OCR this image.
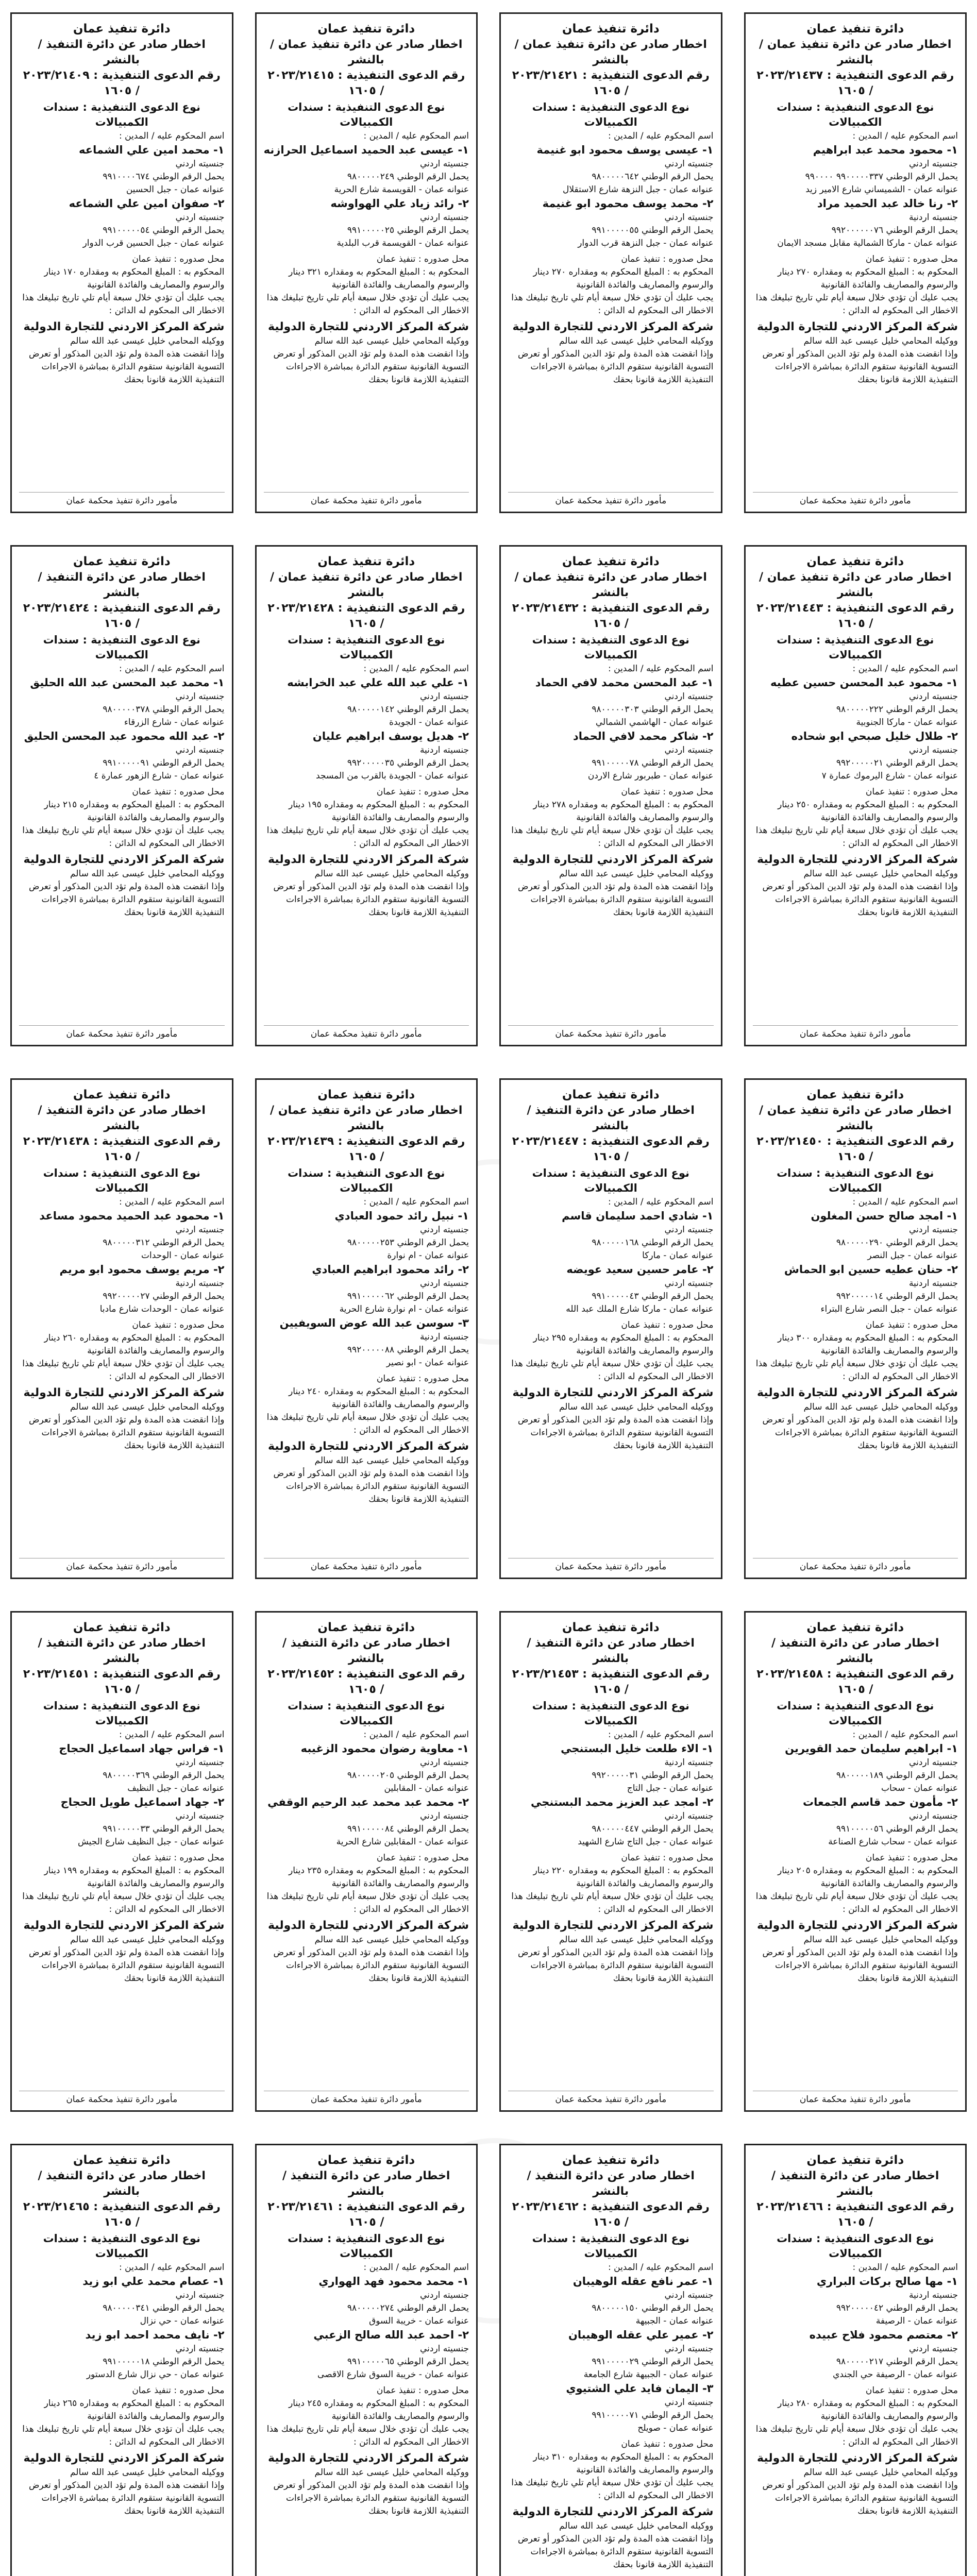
دائرة تنفيذ عمان
اخطار صادر عن دائرة تنفيذ عمان / بالنشر
رقم الدعوى التنفيذية : ٢٠٢٣/٢١٤٣٧ / ١٦٠٥
نوع الدعوى التنفيذية : سندات الكمبيالات
اسم المحكوم عليه / المدين :
١- محمود محمد عبد ابراهيم
جنسيته اردني
يحمل الرقم الوطني ٩٩٠٠٠٠٠٣٣٧ ٩٩٠٠٠٠
عنوانه عمان - الشميساني شارع الامير زيد
٢- رنا خالد عبد الحميد مراد
جنسيته اردنية
يحمل الرقم الوطني ٩٩٢٠٠٠٠٠٠٧٦
عنوانه عمان - ماركا الشمالية مقابل مسجد الايمان
محل صدوره : تنفيذ عمان
المحكوم به : المبلغ المحكوم به ومقداره ٢٧٠ دينار والرسوم والمصاريف والفائدة القانونية
يجب عليك أن تؤدي خلال سبعة أيام تلي تاريخ تبليغك هذا الاخطار الى المحكوم له الدائن :
شركة المركز الاردني للتجارة الدولية
ووكيله المحامي خليل عيسى عبد الله سالم
وإذا انقضت هذه المدة ولم تؤد الدين المذكور أو تعرض التسوية القانونية ستقوم الدائرة بمباشرة الاجراءات التنفيذية اللازمة قانونا بحقك
مأمور دائرة تنفيذ محكمة عمان
دائرة تنفيذ عمان
اخطار صادر عن دائرة تنفيذ عمان / بالنشر
رقم الدعوى التنفيذية : ٢٠٢٣/٢١٤٢١ / ١٦٠٥
نوع الدعوى التنفيذية : سندات الكمبيالات
اسم المحكوم عليه / المدين :
١- عيسى يوسف محمود ابو غنيمة
جنسيته اردني
يحمل الرقم الوطني ٩٨٠٠٠٠٠٦٤٢
عنوانه عمان - جبل النزهة شارع الاستقلال
٢- محمد يوسف محمود ابو غنيمة
جنسيته اردني
يحمل الرقم الوطني ٩٩١٠٠٠٠٠٥٥
عنوانه عمان - جبل النزهة قرب الدوار
محل صدوره : تنفيذ عمان
المحكوم به : المبلغ المحكوم به ومقداره ٢٧٠ دينار والرسوم والمصاريف والفائدة القانونية
يجب عليك أن تؤدي خلال سبعة أيام تلي تاريخ تبليغك هذا الاخطار الى المحكوم له الدائن :
شركة المركز الاردني للتجارة الدولية
ووكيله المحامي خليل عيسى عبد الله سالم
وإذا انقضت هذه المدة ولم تؤد الدين المذكور أو تعرض التسوية القانونية ستقوم الدائرة بمباشرة الاجراءات التنفيذية اللازمة قانونا بحقك
مأمور دائرة تنفيذ محكمة عمان
دائرة تنفيذ عمان
اخطار صادر عن دائرة تنفيذ عمان / بالنشر
رقم الدعوى التنفيذية : ٢٠٢٣/٢١٤١٥ / ١٦٠٥
نوع الدعوى التنفيذية : سندات الكمبيالات
اسم المحكوم عليه / المدين :
١- عيسى عبد الحميد اسماعيل الحرازنه
جنسيته اردني
يحمل الرقم الوطني ٩٨٠٠٠٠٠٢٤٩
عنوانه عمان - القويسمة شارع الحرية
٢- رائد زياد علي الهواوشه
جنسيته اردني
يحمل الرقم الوطني ٩٩١٠٠٠٠٠٢٥
عنوانه عمان - القويسمة قرب البلدية
محل صدوره : تنفيذ عمان
المحكوم به : المبلغ المحكوم به ومقداره ٣٢١ دينار والرسوم والمصاريف والفائدة القانونية
يجب عليك أن تؤدي خلال سبعة أيام تلي تاريخ تبليغك هذا الاخطار الى المحكوم له الدائن :
شركة المركز الاردني للتجارة الدولية
ووكيله المحامي خليل عيسى عبد الله سالم
وإذا انقضت هذه المدة ولم تؤد الدين المذكور أو تعرض التسوية القانونية ستقوم الدائرة بمباشرة الاجراءات التنفيذية اللازمة قانونا بحقك
مأمور دائرة تنفيذ محكمة عمان
دائرة تنفيذ عمان
اخطار صادر عن دائرة التنفيذ / بالنشر
رقم الدعوى التنفيذية : ٢٠٢٣/٢١٤٠٩ / ١٦٠٥
نوع الدعوى التنفيذية : سندات الكمبيالات
اسم المحكوم عليه / المدين :
١- محمد امين علي الشماعه
جنسيته اردني
يحمل الرقم الوطني ٩٩١٠٠٠٠٦٧٤
عنوانه عمان - جبل الحسين
٢- صفوان امين علي الشماعه
جنسيته اردني
يحمل الرقم الوطني ٩٩١٠٠٠٠٠٥٤
عنوانه عمان - جبل الحسين قرب الدوار
محل صدوره : تنفيذ عمان
المحكوم به : المبلغ المحكوم به ومقداره ١٧٠ دينار والرسوم والمصاريف والفائدة القانونية
يجب عليك أن تؤدي خلال سبعة أيام تلي تاريخ تبليغك هذا الاخطار الى المحكوم له الدائن :
شركة المركز الاردني للتجارة الدولية
ووكيله المحامي خليل عيسى عبد الله سالم
وإذا انقضت هذه المدة ولم تؤد الدين المذكور أو تعرض التسوية القانونية ستقوم الدائرة بمباشرة الاجراءات التنفيذية اللازمة قانونا بحقك
مأمور دائرة تنفيذ محكمة عمان
دائرة تنفيذ عمان
اخطار صادر عن دائرة تنفيذ عمان / بالنشر
رقم الدعوى التنفيذية : ٢٠٢٣/٢١٤٤٣ / ١٦٠٥
نوع الدعوى التنفيذية : سندات الكمبيالات
اسم المحكوم عليه / المدين :
١- محمود عبد المحسن حسين عطيه
جنسيته اردني
يحمل الرقم الوطني ٩٨٠٠٠٠٠٢٢٢
عنوانه عمان - ماركا الجنوبية
٢- طلال خليل صبحي ابو شحاده
جنسيته اردني
يحمل الرقم الوطني ٩٩٢٠٠٠٠٠٢١
عنوانه عمان - شارع اليرموك عمارة ٧
محل صدوره : تنفيذ عمان
المحكوم به : المبلغ المحكوم به ومقداره ٢٥٠ دينار والرسوم والمصاريف والفائدة القانونية
يجب عليك أن تؤدي خلال سبعة أيام تلي تاريخ تبليغك هذا الاخطار الى المحكوم له الدائن :
شركة المركز الاردني للتجارة الدولية
ووكيله المحامي خليل عيسى عبد الله سالم
وإذا انقضت هذه المدة ولم تؤد الدين المذكور أو تعرض التسوية القانونية ستقوم الدائرة بمباشرة الاجراءات التنفيذية اللازمة قانونا بحقك
مأمور دائرة تنفيذ محكمة عمان
دائرة تنفيذ عمان
اخطار صادر عن دائرة تنفيذ عمان / بالنشر
رقم الدعوى التنفيذية : ٢٠٢٣/٢١٤٣٢ / ١٦٠٥
نوع الدعوى التنفيذية : سندات الكمبيالات
اسم المحكوم عليه / المدين :
١- عبد المحسن محمد لافي الحماد
جنسيته اردني
يحمل الرقم الوطني ٩٨٠٠٠٠٠٣٠٣
عنوانه عمان - الهاشمي الشمالي
٢- شاكر محمد لافي الحماد
جنسيته اردني
يحمل الرقم الوطني ٩٩١٠٠٠٠٠٧٨
عنوانه عمان - طبربور شارع الاردن
محل صدوره : تنفيذ عمان
المحكوم به : المبلغ المحكوم به ومقداره ٢٧٨ دينار والرسوم والمصاريف والفائدة القانونية
يجب عليك أن تؤدي خلال سبعة أيام تلي تاريخ تبليغك هذا الاخطار الى المحكوم له الدائن :
شركة المركز الاردني للتجارة الدولية
ووكيله المحامي خليل عيسى عبد الله سالم
وإذا انقضت هذه المدة ولم تؤد الدين المذكور أو تعرض التسوية القانونية ستقوم الدائرة بمباشرة الاجراءات التنفيذية اللازمة قانونا بحقك
مأمور دائرة تنفيذ محكمة عمان
دائرة تنفيذ عمان
اخطار صادر عن دائرة تنفيذ عمان / بالنشر
رقم الدعوى التنفيذية : ٢٠٢٣/٢١٤٢٨ / ١٦٠٥
نوع الدعوى التنفيذية : سندات الكمبيالات
اسم المحكوم عليه / المدين :
١- علي عبد الله علي عبد الخرابشه
جنسيته اردني
يحمل الرقم الوطني ٩٨٠٠٠٠٠١٤٢
عنوانه عمان - الجويدة
٢- هديل يوسف ابراهيم عليان
جنسيته اردنية
يحمل الرقم الوطني ٩٩٢٠٠٠٠٠٣٥
عنوانه عمان - الجويدة بالقرب من المسجد
محل صدوره : تنفيذ عمان
المحكوم به : المبلغ المحكوم به ومقداره ١٩٥ دينار والرسوم والمصاريف والفائدة القانونية
يجب عليك أن تؤدي خلال سبعة أيام تلي تاريخ تبليغك هذا الاخطار الى المحكوم له الدائن :
شركة المركز الاردني للتجارة الدولية
ووكيله المحامي خليل عيسى عبد الله سالم
وإذا انقضت هذه المدة ولم تؤد الدين المذكور أو تعرض التسوية القانونية ستقوم الدائرة بمباشرة الاجراءات التنفيذية اللازمة قانونا بحقك
مأمور دائرة تنفيذ محكمة عمان
دائرة تنفيذ عمان
اخطار صادر عن دائرة التنفيذ / بالنشر
رقم الدعوى التنفيذية : ٢٠٢٣/٢١٤٢٤ / ١٦٠٥
نوع الدعوى التنفيذية : سندات الكمبيالات
اسم المحكوم عليه / المدين :
١- محمد عبد المحسن عبد الله الحليق
جنسيته اردني
يحمل الرقم الوطني ٩٨٠٠٠٠٠٣٧٨
عنوانه عمان - شارع الزرقاء
٢- عبد الله محمود عبد المحسن الحليق
جنسيته اردني
يحمل الرقم الوطني ٩٩١٠٠٠٠٠٩١
عنوانه عمان - شارع الزهور عمارة ٤
محل صدوره : تنفيذ عمان
المحكوم به : المبلغ المحكوم به ومقداره ٢١٥ دينار والرسوم والمصاريف والفائدة القانونية
يجب عليك أن تؤدي خلال سبعة أيام تلي تاريخ تبليغك هذا الاخطار الى المحكوم له الدائن :
شركة المركز الاردني للتجارة الدولية
ووكيله المحامي خليل عيسى عبد الله سالم
وإذا انقضت هذه المدة ولم تؤد الدين المذكور أو تعرض التسوية القانونية ستقوم الدائرة بمباشرة الاجراءات التنفيذية اللازمة قانونا بحقك
مأمور دائرة تنفيذ محكمة عمان
دائرة تنفيذ عمان
اخطار صادر عن دائرة تنفيذ عمان / بالنشر
رقم الدعوى التنفيذية : ٢٠٢٣/٢١٤٥٠ / ١٦٠٥
نوع الدعوى التنفيذية : سندات الكمبيالات
اسم المحكوم عليه / المدين :
١- امجد صالح حسن المغلون
جنسيته اردني
يحمل الرقم الوطني ٩٨٠٠٠٠٠٢٩٠
عنوانه عمان - جبل النصر
٢- حنان عطيه حسين ابو الحماش
جنسيته اردنية
يحمل الرقم الوطني ٩٩٢٠٠٠٠٠١٤
عنوانه عمان - جبل النصر شارع البتراء
محل صدوره : تنفيذ عمان
المحكوم به : المبلغ المحكوم به ومقداره ٣٠٠ دينار والرسوم والمصاريف والفائدة القانونية
يجب عليك أن تؤدي خلال سبعة أيام تلي تاريخ تبليغك هذا الاخطار الى المحكوم له الدائن :
شركة المركز الاردني للتجارة الدولية
ووكيله المحامي خليل عيسى عبد الله سالم
وإذا انقضت هذه المدة ولم تؤد الدين المذكور أو تعرض التسوية القانونية ستقوم الدائرة بمباشرة الاجراءات التنفيذية اللازمة قانونا بحقك
مأمور دائرة تنفيذ محكمة عمان
دائرة تنفيذ عمان
اخطار صادر عن دائرة التنفيذ / بالنشر
رقم الدعوى التنفيذية : ٢٠٢٣/٢١٤٤٧ / ١٦٠٥
نوع الدعوى التنفيذية : سندات الكمبيالات
اسم المحكوم عليه / المدين :
١- شادي احمد سليمان قاسم
جنسيته اردني
يحمل الرقم الوطني ٩٨٠٠٠٠٠١٦٨
عنوانه عمان - ماركا
٢- عامر حسين سعيد عويضه
جنسيته اردني
يحمل الرقم الوطني ٩٩١٠٠٠٠٠٤٣
عنوانه عمان - ماركا شارع الملك عبد الله
محل صدوره : تنفيذ عمان
المحكوم به : المبلغ المحكوم به ومقداره ٢٩٥ دينار والرسوم والمصاريف والفائدة القانونية
يجب عليك أن تؤدي خلال سبعة أيام تلي تاريخ تبليغك هذا الاخطار الى المحكوم له الدائن :
شركة المركز الاردني للتجارة الدولية
ووكيله المحامي خليل عيسى عبد الله سالم
وإذا انقضت هذه المدة ولم تؤد الدين المذكور أو تعرض التسوية القانونية ستقوم الدائرة بمباشرة الاجراءات التنفيذية اللازمة قانونا بحقك
مأمور دائرة تنفيذ محكمة عمان
دائرة تنفيذ عمان
اخطار صادر عن دائرة تنفيذ عمان / بالنشر
رقم الدعوى التنفيذية : ٢٠٢٣/٢١٤٣٩ / ١٦٠٥
نوع الدعوى التنفيذية : سندات الكمبيالات
اسم المحكوم عليه / المدين :
١- نبيل رائد حمود العبادي
جنسيته اردني
يحمل الرقم الوطني ٩٨٠٠٠٠٠٢٥٣
عنوانه عمان - ام نوارة
٢- رائد محمود ابراهيم العبادي
جنسيته اردني
يحمل الرقم الوطني ٩٩١٠٠٠٠٠٦٢
عنوانه عمان - ام نوارة شارع الحرية
٣- سوسن عبد الله عوض السويفيين
جنسيته اردنية
يحمل الرقم الوطني ٩٩٢٠٠٠٠٠٨٨
عنوانه عمان - ابو نصير
محل صدوره : تنفيذ عمان
المحكوم به : المبلغ المحكوم به ومقداره ٢٤٠ دينار والرسوم والمصاريف والفائدة القانونية
يجب عليك أن تؤدي خلال سبعة أيام تلي تاريخ تبليغك هذا الاخطار الى المحكوم له الدائن :
شركة المركز الاردني للتجارة الدولية
ووكيله المحامي خليل عيسى عبد الله سالم
وإذا انقضت هذه المدة ولم تؤد الدين المذكور أو تعرض التسوية القانونية ستقوم الدائرة بمباشرة الاجراءات التنفيذية اللازمة قانونا بحقك
مأمور دائرة تنفيذ محكمة عمان
دائرة تنفيذ عمان
اخطار صادر عن دائرة التنفيذ / بالنشر
رقم الدعوى التنفيذية : ٢٠٢٣/٢١٤٣٨ / ١٦٠٥
نوع الدعوى التنفيذية : سندات الكمبيالات
اسم المحكوم عليه / المدين :
١- محمود عبد الحميد محمود مساعد
جنسيته اردني
يحمل الرقم الوطني ٩٨٠٠٠٠٠٣١٢
عنوانه عمان - الوحدات
٢- مريم يوسف محمود ابو مريم
جنسيته اردنية
يحمل الرقم الوطني ٩٩٢٠٠٠٠٠٢٧
عنوانه عمان - الوحدات شارع مادبا
محل صدوره : تنفيذ عمان
المحكوم به : المبلغ المحكوم به ومقداره ٢٦٠ دينار والرسوم والمصاريف والفائدة القانونية
يجب عليك أن تؤدي خلال سبعة أيام تلي تاريخ تبليغك هذا الاخطار الى المحكوم له الدائن :
شركة المركز الاردني للتجارة الدولية
ووكيله المحامي خليل عيسى عبد الله سالم
وإذا انقضت هذه المدة ولم تؤد الدين المذكور أو تعرض التسوية القانونية ستقوم الدائرة بمباشرة الاجراءات التنفيذية اللازمة قانونا بحقك
مأمور دائرة تنفيذ محكمة عمان
دائرة تنفيذ عمان
اخطار صادر عن دائرة التنفيذ / بالنشر
رقم الدعوى التنفيذية : ٢٠٢٣/٢١٤٥٨ / ١٦٠٥
نوع الدعوى التنفيذية : سندات الكمبيالات
اسم المحكوم عليه / المدين :
١- ابراهيم سليمان حمد القويرين
جنسيته اردني
يحمل الرقم الوطني ٩٨٠٠٠٠٠١٨٩
عنوانه عمان - سحاب
٢- مأمون حمد قاسم الجمعات
جنسيته اردني
يحمل الرقم الوطني ٩٩١٠٠٠٠٠٥٦
عنوانه عمان - سحاب شارع الصناعة
محل صدوره : تنفيذ عمان
المحكوم به : المبلغ المحكوم به ومقداره ٢٠٥ دينار والرسوم والمصاريف والفائدة القانونية
يجب عليك أن تؤدي خلال سبعة أيام تلي تاريخ تبليغك هذا الاخطار الى المحكوم له الدائن :
شركة المركز الاردني للتجارة الدولية
ووكيله المحامي خليل عيسى عبد الله سالم
وإذا انقضت هذه المدة ولم تؤد الدين المذكور أو تعرض التسوية القانونية ستقوم الدائرة بمباشرة الاجراءات التنفيذية اللازمة قانونا بحقك
مأمور دائرة تنفيذ محكمة عمان
دائرة تنفيذ عمان
اخطار صادر عن دائرة التنفيذ / بالنشر
رقم الدعوى التنفيذية : ٢٠٢٣/٢١٤٥٣ / ١٦٠٥
نوع الدعوى التنفيذية : سندات الكمبيالات
اسم المحكوم عليه / المدين :
١- الاء طلعت خليل البستنجي
جنسيته اردنية
يحمل الرقم الوطني ٩٩٢٠٠٠٠٠٣١
عنوانه عمان - جبل التاج
٢- امجد عبد العزيز محمد البستنجي
جنسيته اردني
يحمل الرقم الوطني ٩٨٠٠٠٠٠٤٤٧
عنوانه عمان - جبل التاج شارع الشهيد
محل صدوره : تنفيذ عمان
المحكوم به : المبلغ المحكوم به ومقداره ٢٢٠ دينار والرسوم والمصاريف والفائدة القانونية
يجب عليك أن تؤدي خلال سبعة أيام تلي تاريخ تبليغك هذا الاخطار الى المحكوم له الدائن :
شركة المركز الاردني للتجارة الدولية
ووكيله المحامي خليل عيسى عبد الله سالم
وإذا انقضت هذه المدة ولم تؤد الدين المذكور أو تعرض التسوية القانونية ستقوم الدائرة بمباشرة الاجراءات التنفيذية اللازمة قانونا بحقك
مأمور دائرة تنفيذ محكمة عمان
دائرة تنفيذ عمان
اخطار صادر عن دائرة التنفيذ / بالنشر
رقم الدعوى التنفيذية : ٢٠٢٣/٢١٤٥٢ / ١٦٠٥
نوع الدعوى التنفيذية : سندات الكمبيالات
اسم المحكوم عليه / المدين :
١- معاوية رضوان محمود الزغيبه
جنسيته اردني
يحمل الرقم الوطني ٩٨٠٠٠٠٠٢٠٥
عنوانه عمان - المقابلين
٢- محمد عبد محمد عبد الرحيم الوقفي
جنسيته اردني
يحمل الرقم الوطني ٩٩١٠٠٠٠٠٨٤
عنوانه عمان - المقابلين شارع الحرية
محل صدوره : تنفيذ عمان
المحكوم به : المبلغ المحكوم به ومقداره ٢٣٥ دينار والرسوم والمصاريف والفائدة القانونية
يجب عليك أن تؤدي خلال سبعة أيام تلي تاريخ تبليغك هذا الاخطار الى المحكوم له الدائن :
شركة المركز الاردني للتجارة الدولية
ووكيله المحامي خليل عيسى عبد الله سالم
وإذا انقضت هذه المدة ولم تؤد الدين المذكور أو تعرض التسوية القانونية ستقوم الدائرة بمباشرة الاجراءات التنفيذية اللازمة قانونا بحقك
مأمور دائرة تنفيذ محكمة عمان
دائرة تنفيذ عمان
اخطار صادر عن دائرة التنفيذ / بالنشر
رقم الدعوى التنفيذية : ٢٠٢٣/٢١٤٥١ / ١٦٠٥
نوع الدعوى التنفيذية : سندات الكمبيالات
اسم المحكوم عليه / المدين :
١- فراس جهاد اسماعيل الحجاج
جنسيته اردني
يحمل الرقم الوطني ٩٨٠٠٠٠٠٣٦٩
عنوانه عمان - جبل النظيف
٢- جهاد اسماعيل طويل الحجاج
جنسيته اردني
يحمل الرقم الوطني ٩٩١٠٠٠٠٠٣٣
عنوانه عمان - جبل النظيف شارع الجيش
محل صدوره : تنفيذ عمان
المحكوم به : المبلغ المحكوم به ومقداره ١٩٩ دينار والرسوم والمصاريف والفائدة القانونية
يجب عليك أن تؤدي خلال سبعة أيام تلي تاريخ تبليغك هذا الاخطار الى المحكوم له الدائن :
شركة المركز الاردني للتجارة الدولية
ووكيله المحامي خليل عيسى عبد الله سالم
وإذا انقضت هذه المدة ولم تؤد الدين المذكور أو تعرض التسوية القانونية ستقوم الدائرة بمباشرة الاجراءات التنفيذية اللازمة قانونا بحقك
مأمور دائرة تنفيذ محكمة عمان
دائرة تنفيذ عمان
اخطار صادر عن دائرة التنفيذ / بالنشر
رقم الدعوى التنفيذية : ٢٠٢٣/٢١٤٦٦ / ١٦٠٥
نوع الدعوى التنفيذية : سندات الكمبيالات
اسم المحكوم عليه / المدين :
١- مها صالح بركات البراري
جنسيته اردنية
يحمل الرقم الوطني ٩٩٢٠٠٠٠٠٤٢
عنوانه عمان - الرصيفة
٢- معتصم محمود فلاح عبيده
جنسيته اردني
يحمل الرقم الوطني ٩٨٠٠٠٠٠٢١٧
عنوانه عمان - الرصيفة حي الجندي
محل صدوره : تنفيذ عمان
المحكوم به : المبلغ المحكوم به ومقداره ٢٨٠ دينار والرسوم والمصاريف والفائدة القانونية
يجب عليك أن تؤدي خلال سبعة أيام تلي تاريخ تبليغك هذا الاخطار الى المحكوم له الدائن :
شركة المركز الاردني للتجارة الدولية
ووكيله المحامي خليل عيسى عبد الله سالم
وإذا انقضت هذه المدة ولم تؤد الدين المذكور أو تعرض التسوية القانونية ستقوم الدائرة بمباشرة الاجراءات التنفيذية اللازمة قانونا بحقك
دائرة تنفيذ عمان
اخطار صادر عن دائرة التنفيذ / بالنشر
رقم الدعوى التنفيذية : ٢٠٢٣/٢١٤٦٢ / ١٦٠٥
نوع الدعوى التنفيذية : سندات الكمبيالات
اسم المحكوم عليه / المدين :
١- عمر نافع عقله الوهيبان
جنسيته اردني
يحمل الرقم الوطني ٩٨٠٠٠٠٠١٥٠
عنوانه عمان - الجبيهة
٢- عمير علي عقله الوهيبان
جنسيته اردني
يحمل الرقم الوطني ٩٩١٠٠٠٠٠٢٩
عنوانه عمان - الجبيهة شارع الجامعة
٣- اليمان فايد علي الشتيوي
جنسيته اردني
يحمل الرقم الوطني ٩٩١٠٠٠٠٠٧١
عنوانه عمان - صويلح
محل صدوره : تنفيذ عمان
المحكوم به : المبلغ المحكوم به ومقداره ٣١٠ دينار والرسوم والمصاريف والفائدة القانونية
يجب عليك أن تؤدي خلال سبعة أيام تلي تاريخ تبليغك هذا الاخطار الى المحكوم له الدائن :
شركة المركز الاردني للتجارة الدولية
ووكيله المحامي خليل عيسى عبد الله سالم
وإذا انقضت هذه المدة ولم تؤد الدين المذكور أو تعرض التسوية القانونية ستقوم الدائرة بمباشرة الاجراءات التنفيذية اللازمة قانونا بحقك
دائرة تنفيذ عمان
اخطار صادر عن دائرة التنفيذ / بالنشر
رقم الدعوى التنفيذية : ٢٠٢٣/٢١٤٦١ / ١٦٠٥
نوع الدعوى التنفيذية : سندات الكمبيالات
اسم المحكوم عليه / المدين :
١- محمد محمود فهد الهواري
جنسيته اردني
يحمل الرقم الوطني ٩٨٠٠٠٠٠٢٧٤
عنوانه عمان - خريبة السوق
٢- احمد عبد الله صالح الزعبي
جنسيته اردني
يحمل الرقم الوطني ٩٩١٠٠٠٠٠٦٥
عنوانه عمان - خريبة السوق شارع الاقصى
محل صدوره : تنفيذ عمان
المحكوم به : المبلغ المحكوم به ومقداره ٢٤٥ دينار والرسوم والمصاريف والفائدة القانونية
يجب عليك أن تؤدي خلال سبعة أيام تلي تاريخ تبليغك هذا الاخطار الى المحكوم له الدائن :
شركة المركز الاردني للتجارة الدولية
ووكيله المحامي خليل عيسى عبد الله سالم
وإذا انقضت هذه المدة ولم تؤد الدين المذكور أو تعرض التسوية القانونية ستقوم الدائرة بمباشرة الاجراءات التنفيذية اللازمة قانونا بحقك
دائرة تنفيذ عمان
اخطار صادر عن دائرة التنفيذ / بالنشر
رقم الدعوى التنفيذية : ٢٠٢٣/٢١٤٦٥ / ١٦٠٥
نوع الدعوى التنفيذية : سندات الكمبيالات
اسم المحكوم عليه / المدين :
١- عصام محمد علي ابو زيد
جنسيته اردني
يحمل الرقم الوطني ٩٨٠٠٠٠٠٣٤١
عنوانه عمان - حي نزال
٢- نايف محمد احمد ابو زيد
جنسيته اردني
يحمل الرقم الوطني ٩٩١٠٠٠٠٠١٨
عنوانه عمان - حي نزال شارع الدستور
محل صدوره : تنفيذ عمان
المحكوم به : المبلغ المحكوم به ومقداره ٢٦٥ دينار والرسوم والمصاريف والفائدة القانونية
يجب عليك أن تؤدي خلال سبعة أيام تلي تاريخ تبليغك هذا الاخطار الى المحكوم له الدائن :
شركة المركز الاردني للتجارة الدولية
ووكيله المحامي خليل عيسى عبد الله سالم
وإذا انقضت هذه المدة ولم تؤد الدين المذكور أو تعرض التسوية القانونية ستقوم الدائرة بمباشرة الاجراءات التنفيذية اللازمة قانونا بحقك
